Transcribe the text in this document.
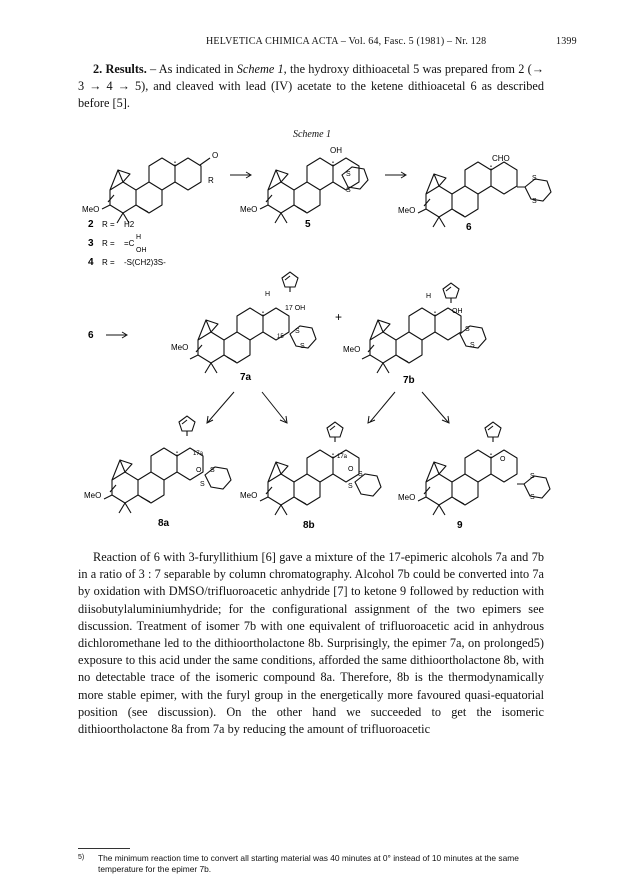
HELVETICA CHIMICA ACTA – Vol. 64, Fasc. 5 (1981) – Nr. 128	1399
2. Results. – As indicated in Scheme 1, the hydroxy dithioacetal 5 was prepared from 2 (→ 3 → 4 → 5), and cleaved with lead (IV) acetate to the ketene dithioacetal 6 as described before [5].
Scheme 1
MeO
O
R
MeO
OH
S
S
MeO
CHO
S
S
2 R = H2
3 R =
H
=C
OH
4 R = -S(CH2)3S-
5	6
6
MeO
H
17 OH
S
S
15
+
MeO
H
OH
S
S
7a	7b
MeO
17a
O S
S
MeO
17a
O
S
S
MeO
O
S
S
8a	8b	9
Reaction of 6 with 3-furyllithium [6] gave a mixture of the 17-epimeric alcohols 7a and 7b in a ratio of 3 : 7 separable by column chromatography. Alcohol 7b could be converted into 7a by oxidation with DMSO/trifluoroacetic anhydride [7] to ketone 9 followed by reduction with diisobutylaluminiumhydride; for the configurational assignment of the two epimers see discussion. Treatment of isomer 7b with one equivalent of trifluoroacetic acid in anhydrous dichloromethane led to the dithioortholactone 8b. Surprisingly, the epimer 7a, on prolonged5) exposure to this acid under the same conditions, afforded the same dithioortholactone 8b, with no detectable trace of the isomeric compound 8a. Therefore, 8b is the thermodynamically more stable epimer, with the furyl group in the energetically more favoured quasi-equatorial position (see discussion). On the other hand we succeeded to get the isomeric dithioortholactone 8a from 7a by reducing the amount of trifluoroacetic
5)	The minimum reaction time to convert all starting material was 40 minutes at 0° instead of 10 minutes at the same temperature for the epimer 7b.
